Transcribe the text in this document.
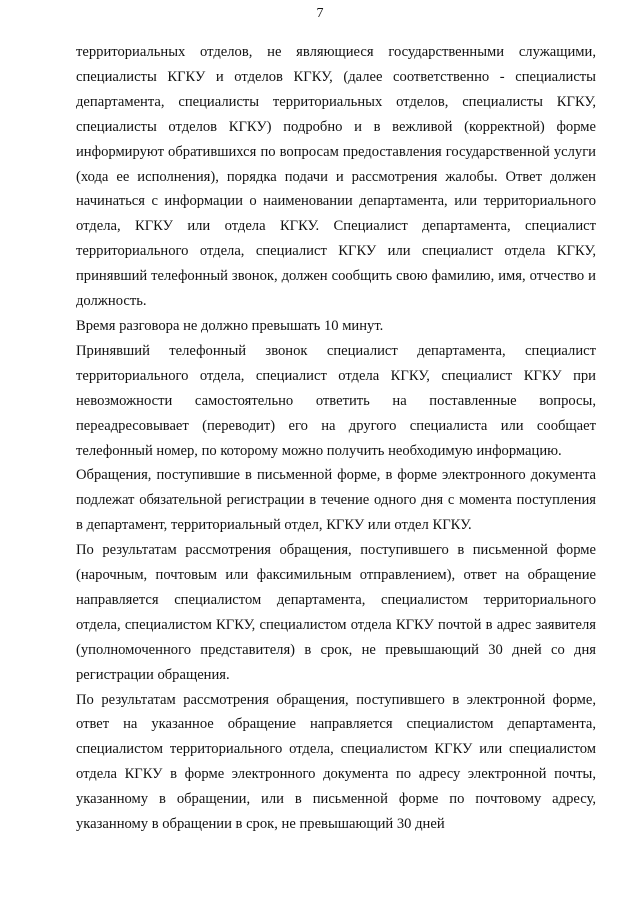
7

территориальных отделов, не являющиеся государственными служащими, специалисты КГКУ и отделов КГКУ, (далее соответственно - специалисты департамента, специалисты территориальных отделов, специалисты КГКУ, специалисты отделов КГКУ) подробно и в вежливой (корректной) форме информируют обратившихся по вопросам предоставления государственной услуги (хода ее исполнения), порядка подачи и рассмотрения жалобы. Ответ должен начинаться с информации о наименовании департамента, или территориального отдела, КГКУ или отдела КГКУ. Специалист департамента, специалист территориального отдела, специалист КГКУ или специалист отдела КГКУ, принявший телефонный звонок, должен сообщить свою фамилию, имя, отчество и должность.

Время разговора не должно превышать 10 минут.

Принявший телефонный звонок специалист департамента, специалист территориального отдела, специалист отдела КГКУ, специалист КГКУ при невозможности самостоятельно ответить на поставленные вопросы, переадресовывает (переводит) его на другого специалиста или сообщает телефонный номер, по которому можно получить необходимую информацию.

Обращения, поступившие в письменной форме, в форме электронного документа подлежат обязательной регистрации в течение одного дня с момента поступления в департамент, территориальный отдел, КГКУ или отдел КГКУ.

По результатам рассмотрения обращения, поступившего в письменной форме (нарочным, почтовым или факсимильным отправлением), ответ на обращение направляется специалистом департамента, специалистом территориального отдела, специалистом КГКУ, специалистом отдела КГКУ почтой в адрес заявителя (уполномоченного представителя) в срок, не превышающий 30 дней со дня регистрации обращения.

По результатам рассмотрения обращения, поступившего в электронной форме, ответ на указанное обращение направляется специалистом департамента, специалистом территориального отдела, специалистом КГКУ или специалистом отдела КГКУ в форме электронного документа по адресу электронной почты, указанному в обращении, или в письменной форме по почтовому адресу, указанному в обращении в срок, не превышающий 30 дней
